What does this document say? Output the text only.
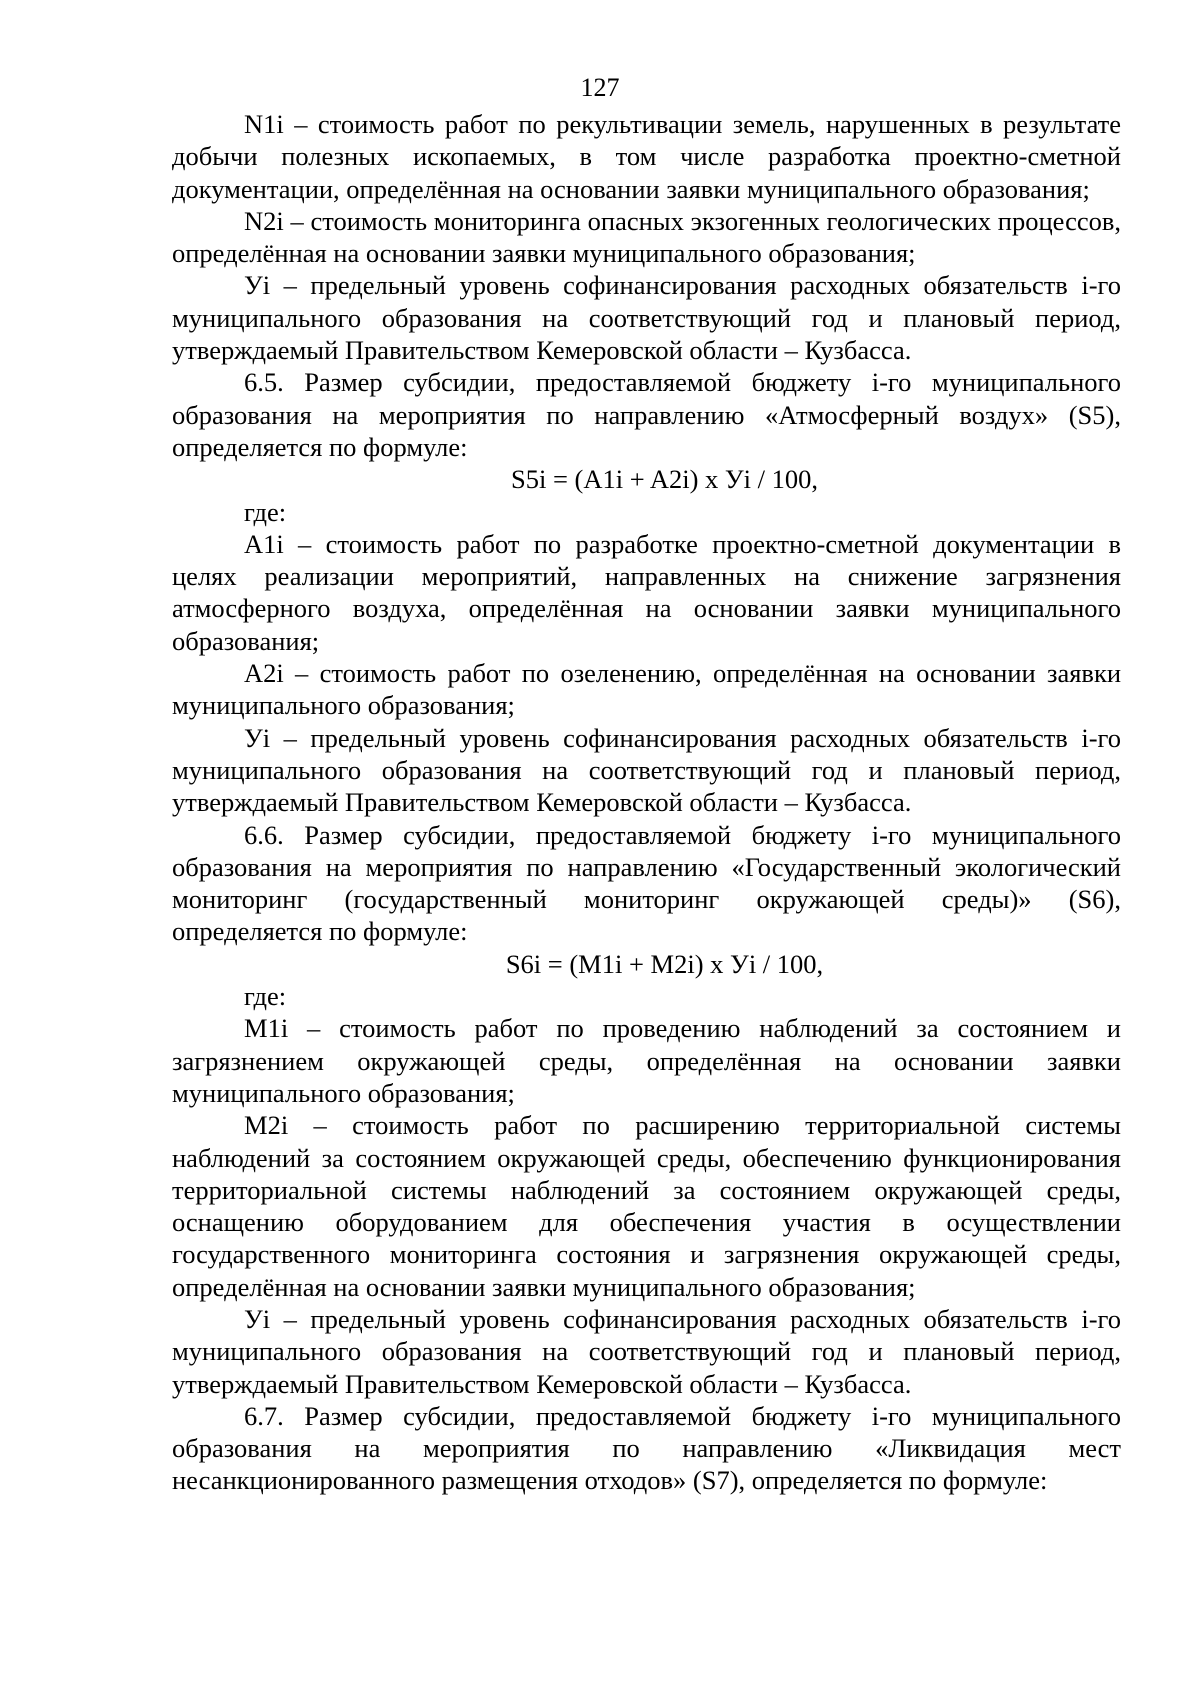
127

N1i – стоимость работ по рекультивации земель, нарушенных в результате добычи полезных ископаемых, в том числе разработка проектно-сметной документации, определённая на основании заявки муниципального образования;

N2i – стоимость мониторинга опасных экзогенных геологических процессов, определённая на основании заявки муниципального образования;

Уi – предельный уровень софинансирования расходных обязательств i-го муниципального образования на соответствующий год и плановый период, утверждаемый Правительством Кемеровской области – Кузбасса.

6.5. Размер субсидии, предоставляемой бюджету i-го муниципального образования на мероприятия по направлению «Атмосферный воздух» (S5), определяется по формуле:

S5i = (A1i + A2i) x Уi / 100,

где:

A1i – стоимость работ по разработке проектно-сметной документации в целях реализации мероприятий, направленных на снижение загрязнения атмосферного воздуха, определённая на основании заявки муниципального образования;

A2i – стоимость работ по озеленению, определённая на основании заявки муниципального образования;

Уi – предельный уровень софинансирования расходных обязательств i-го муниципального образования на соответствующий год и плановый период, утверждаемый Правительством Кемеровской области – Кузбасса.

6.6. Размер субсидии, предоставляемой бюджету i-го муниципального образования на мероприятия по направлению «Государственный экологический мониторинг (государственный мониторинг окружающей среды)» (S6), определяется по формуле:

S6i = (M1i + M2i) x Уi / 100,

где:

M1i – стоимость работ по проведению наблюдений за состоянием и загрязнением окружающей среды, определённая на основании заявки муниципального образования;

M2i – стоимость работ по расширению территориальной системы наблюдений за состоянием окружающей среды, обеспечению функционирования территориальной системы наблюдений за состоянием окружающей среды, оснащению оборудованием для обеспечения участия в осуществлении государственного мониторинга состояния и загрязнения окружающей среды, определённая на основании заявки муниципального образования;

Уi – предельный уровень софинансирования расходных обязательств i-го муниципального образования на соответствующий год и плановый период, утверждаемый Правительством Кемеровской области – Кузбасса.

6.7. Размер субсидии, предоставляемой бюджету i-го муниципального образования на мероприятия по направлению «Ликвидация мест несанкционированного размещения отходов» (S7), определяется по формуле:
